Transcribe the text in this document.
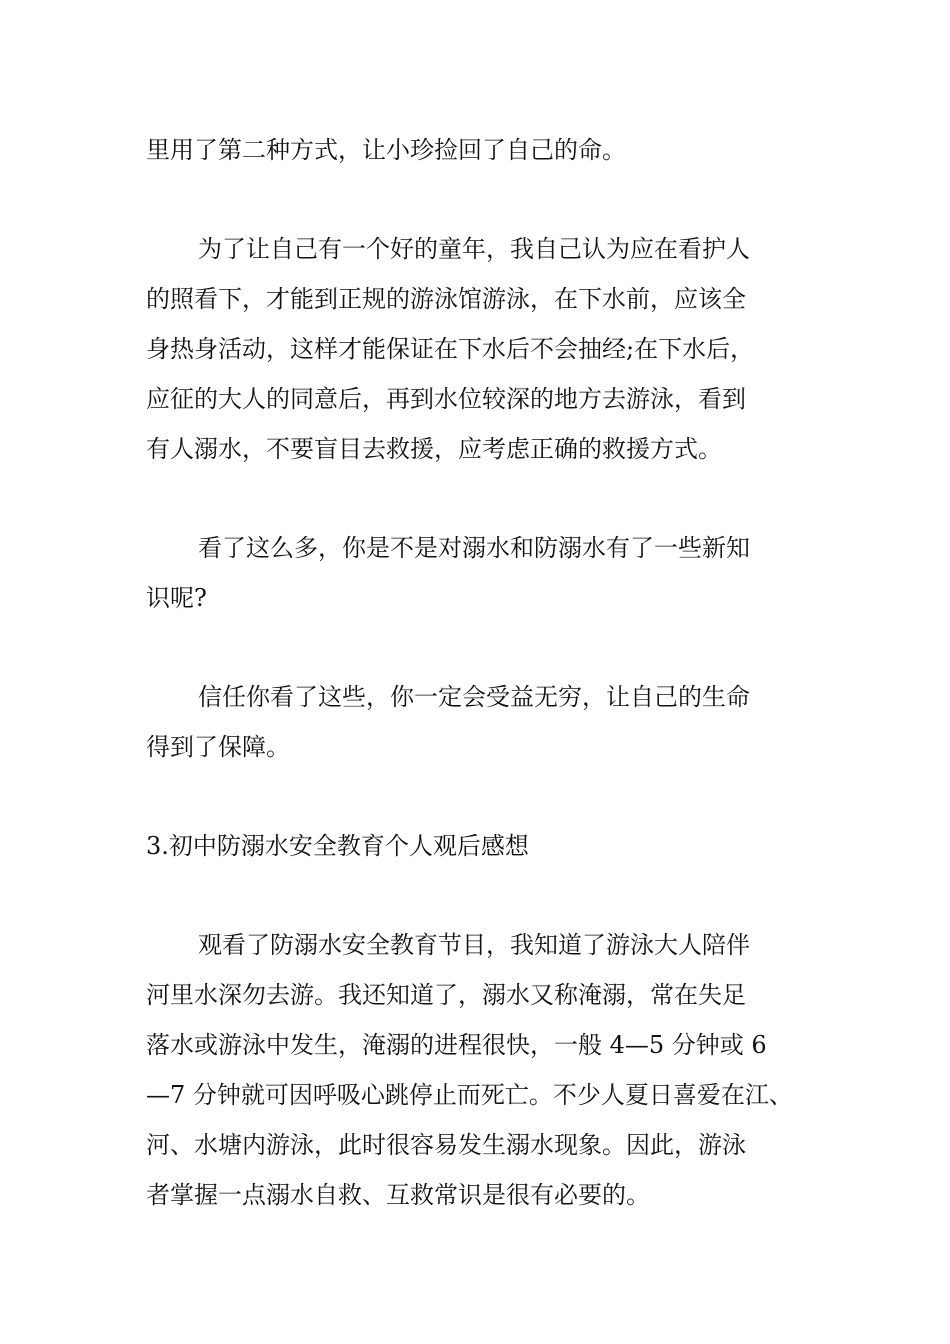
里用了第二种方式，让小珍捡回了自己的命。
为了让自己有一个好的童年，我自己认为应在看护人
的照看下，才能到正规的游泳馆游泳，在下水前，应该全
身热身活动，这样才能保证在下水后不会抽经;在下水后，
应征的大人的同意后，再到水位较深的地方去游泳，看到
有人溺水，不要盲目去救援，应考虑正确的救援方式。
看了这么多，你是不是对溺水和防溺水有了一些新知
识呢?
信任你看了这些，你一定会受益无穷，让自己的生命
得到了保障。
3.初中防溺水安全教育个人观后感想
观看了防溺水安全教育节目，我知道了游泳大人陪伴
河里水深勿去游。我还知道了，溺水又称淹溺，常在失足
落水或游泳中发生，淹溺的进程很快，一般 4—5 分钟或 6
—7 分钟就可因呼吸心跳停止而死亡。不少人夏日喜爱在江、
河、水塘内游泳，此时很容易发生溺水现象。因此，游泳
者掌握一点溺水自救、互救常识是很有必要的。
